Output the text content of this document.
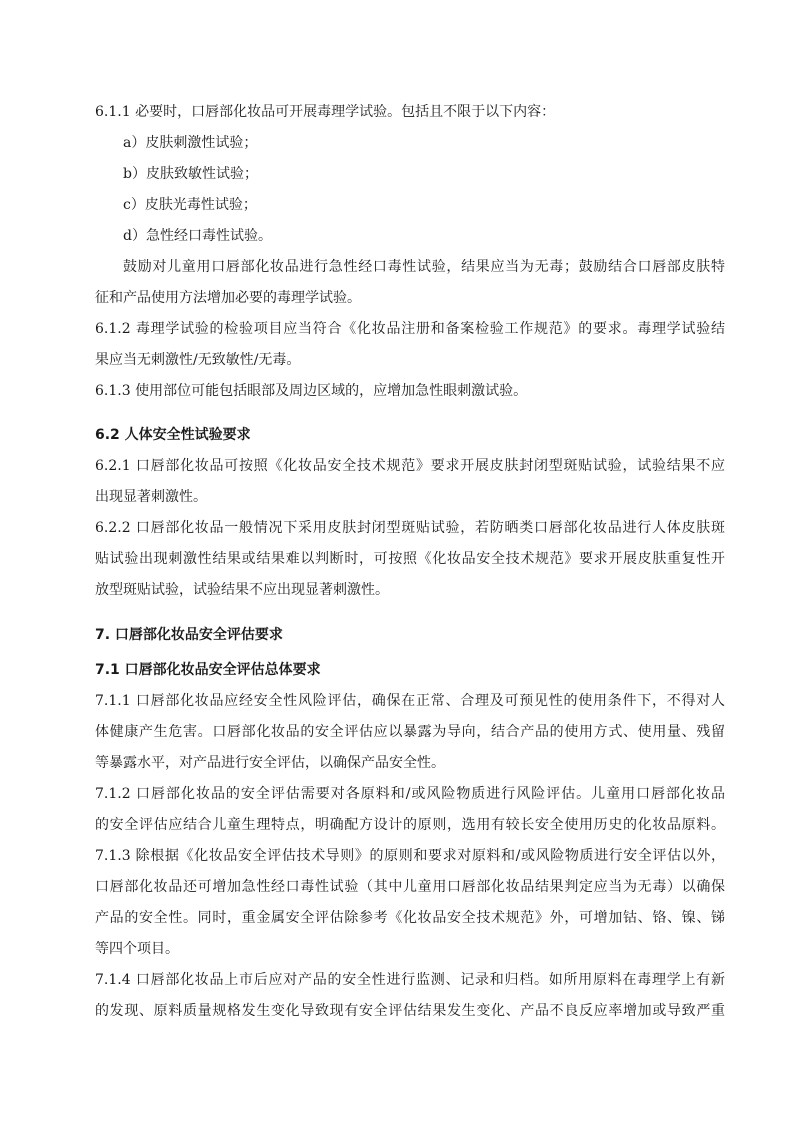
6.1.1 必要时，口唇部化妆品可开展毒理学试验。包括且不限于以下内容：
a）皮肤刺激性试验；
b）皮肤致敏性试验；
c）皮肤光毒性试验；
d）急性经口毒性试验。
鼓励对儿童用口唇部化妆品进行急性经口毒性试验，结果应当为无毒；鼓励结合口唇部皮肤特
征和产品使用方法增加必要的毒理学试验。
6.1.2 毒理学试验的检验项目应当符合《化妆品注册和备案检验工作规范》的要求。毒理学试验结
果应当无刺激性/无致敏性/无毒。
6.1.3 使用部位可能包括眼部及周边区域的，应增加急性眼刺激试验。
6.2 人体安全性试验要求
6.2.1 口唇部化妆品可按照《化妆品安全技术规范》要求开展皮肤封闭型斑贴试验，试验结果不应
出现显著刺激性。
6.2.2 口唇部化妆品一般情况下采用皮肤封闭型斑贴试验，若防晒类口唇部化妆品进行人体皮肤斑
贴试验出现刺激性结果或结果难以判断时，可按照《化妆品安全技术规范》要求开展皮肤重复性开
放型斑贴试验，试验结果不应出现显著刺激性。
7. 口唇部化妆品安全评估要求
7.1 口唇部化妆品安全评估总体要求
7.1.1 口唇部化妆品应经安全性风险评估，确保在正常、合理及可预见性的使用条件下，不得对人
体健康产生危害。口唇部化妆品的安全评估应以暴露为导向，结合产品的使用方式、使用量、残留
等暴露水平，对产品进行安全评估，以确保产品安全性。
7.1.2 口唇部化妆品的安全评估需要对各原料和/或风险物质进行风险评估。儿童用口唇部化妆品
的安全评估应结合儿童生理特点，明确配方设计的原则，选用有较长安全使用历史的化妆品原料。
7.1.3 除根据《化妆品安全评估技术导则》的原则和要求对原料和/或风险物质进行安全评估以外，
口唇部化妆品还可增加急性经口毒性试验（其中儿童用口唇部化妆品结果判定应当为无毒）以确保
产品的安全性。同时，重金属安全评估除参考《化妆品安全技术规范》外，可增加钴、铬、镍、锑
等四个项目。
7.1.4 口唇部化妆品上市后应对产品的安全性进行监测、记录和归档。如所用原料在毒理学上有新
的发现、原料质量规格发生变化导致现有安全评估结果发生变化、产品不良反应率增加或导致严重
